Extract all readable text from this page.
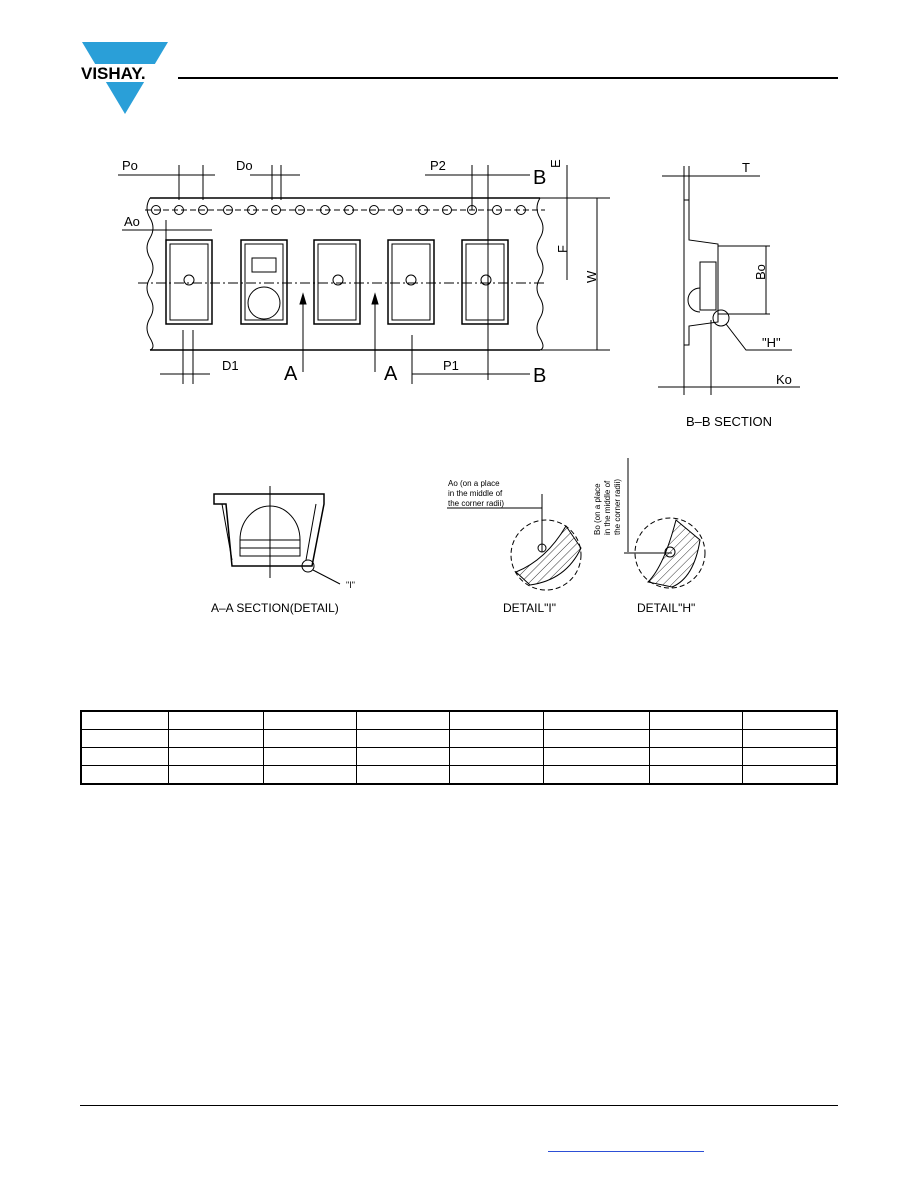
VISHAY.
Po	Do	P2
B
E
Ao
F
W
D1 A	A	P1	B
T
Bo
"H"
Ko
B–B SECTION
"I"
A–A SECTION(DETAIL)
Ao (on a place
in the middle of
the corner radii)	Bo (on a place in the middle of the corner radii)
DETAIL"I"	DETAIL"H"
